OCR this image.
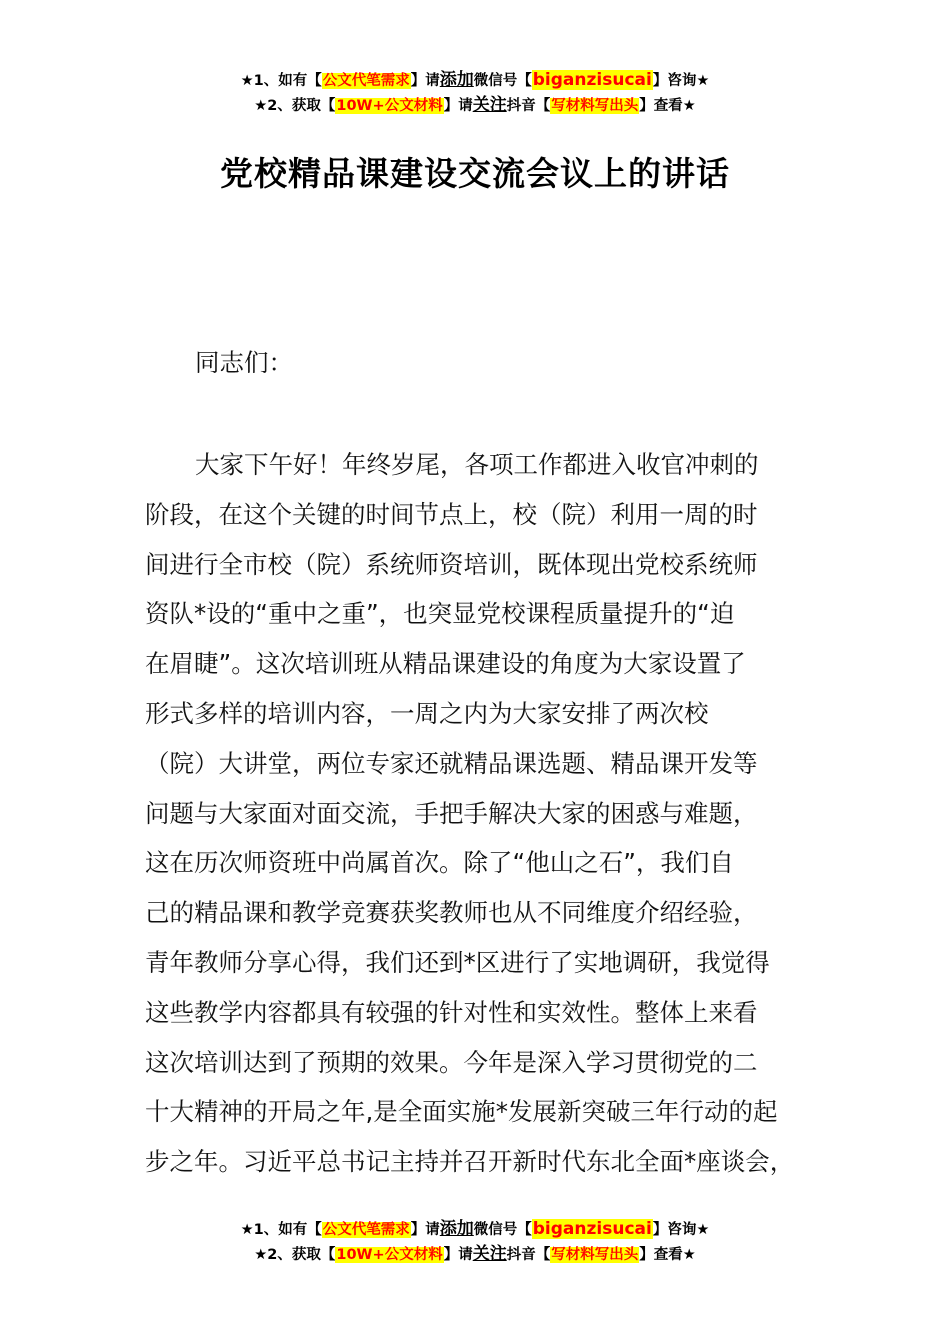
★1、如有【公文代笔需求】请添加微信号【biganzisucai】咨询★
★2、获取【10W+公文材料】请关注抖音【写材料写出头】查看★
党校精品课建设交流会议上的讲话
同志们：
大家下午好！年终岁尾，各项工作都进入收官冲刺的
阶段，在这个关键的时间节点上，校（院）利用一周的时
间进行全市校（院）系统师资培训，既体现出党校系统师
资队*设的“重中之重”，也突显党校课程质量提升的“迫
在眉睫”。这次培训班从精品课建设的角度为大家设置了
形式多样的培训内容，一周之内为大家安排了两次校
（院）大讲堂，两位专家还就精品课选题、精品课开发等
问题与大家面对面交流，手把手解决大家的困惑与难题，
这在历次师资班中尚属首次。除了“他山之石”，我们自
己的精品课和教学竞赛获奖教师也从不同维度介绍经验，
青年教师分享心得，我们还到*区进行了实地调研，我觉得
这些教学内容都具有较强的针对性和实效性。整体上来看
这次培训达到了预期的效果。今年是深入学习贯彻党的二
十大精神的开局之年,是全面实施*发展新突破三年行动的起
步之年。习近平总书记主持并召开新时代东北全面*座谈会，
★1、如有【公文代笔需求】请添加微信号【biganzisucai】咨询★
★2、获取【10W+公文材料】请关注抖音【写材料写出头】查看★
